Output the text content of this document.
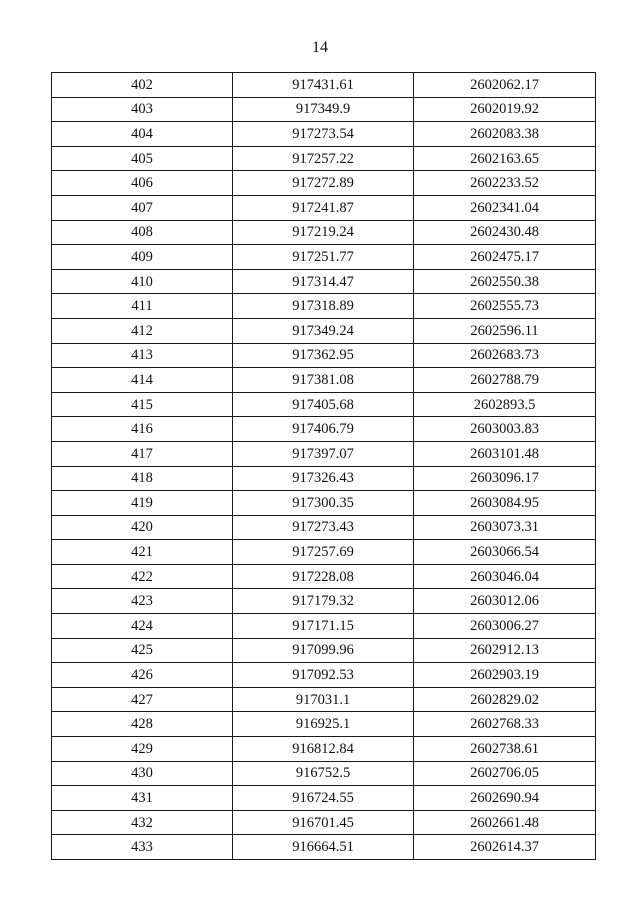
14
402	917431.61	2602062.17
403	917349.9	2602019.92
404	917273.54	2602083.38
405	917257.22	2602163.65
406	917272.89	2602233.52
407	917241.87	2602341.04
408	917219.24	2602430.48
409	917251.77	2602475.17
410	917314.47	2602550.38
411	917318.89	2602555.73
412	917349.24	2602596.11
413	917362.95	2602683.73
414	917381.08	2602788.79
415	917405.68	2602893.5
416	917406.79	2603003.83
417	917397.07	2603101.48
418	917326.43	2603096.17
419	917300.35	2603084.95
420	917273.43	2603073.31
421	917257.69	2603066.54
422	917228.08	2603046.04
423	917179.32	2603012.06
424	917171.15	2603006.27
425	917099.96	2602912.13
426	917092.53	2602903.19
427	917031.1	2602829.02
428	916925.1	2602768.33
429	916812.84	2602738.61
430	916752.5	2602706.05
431	916724.55	2602690.94
432	916701.45	2602661.48
433	916664.51	2602614.37
